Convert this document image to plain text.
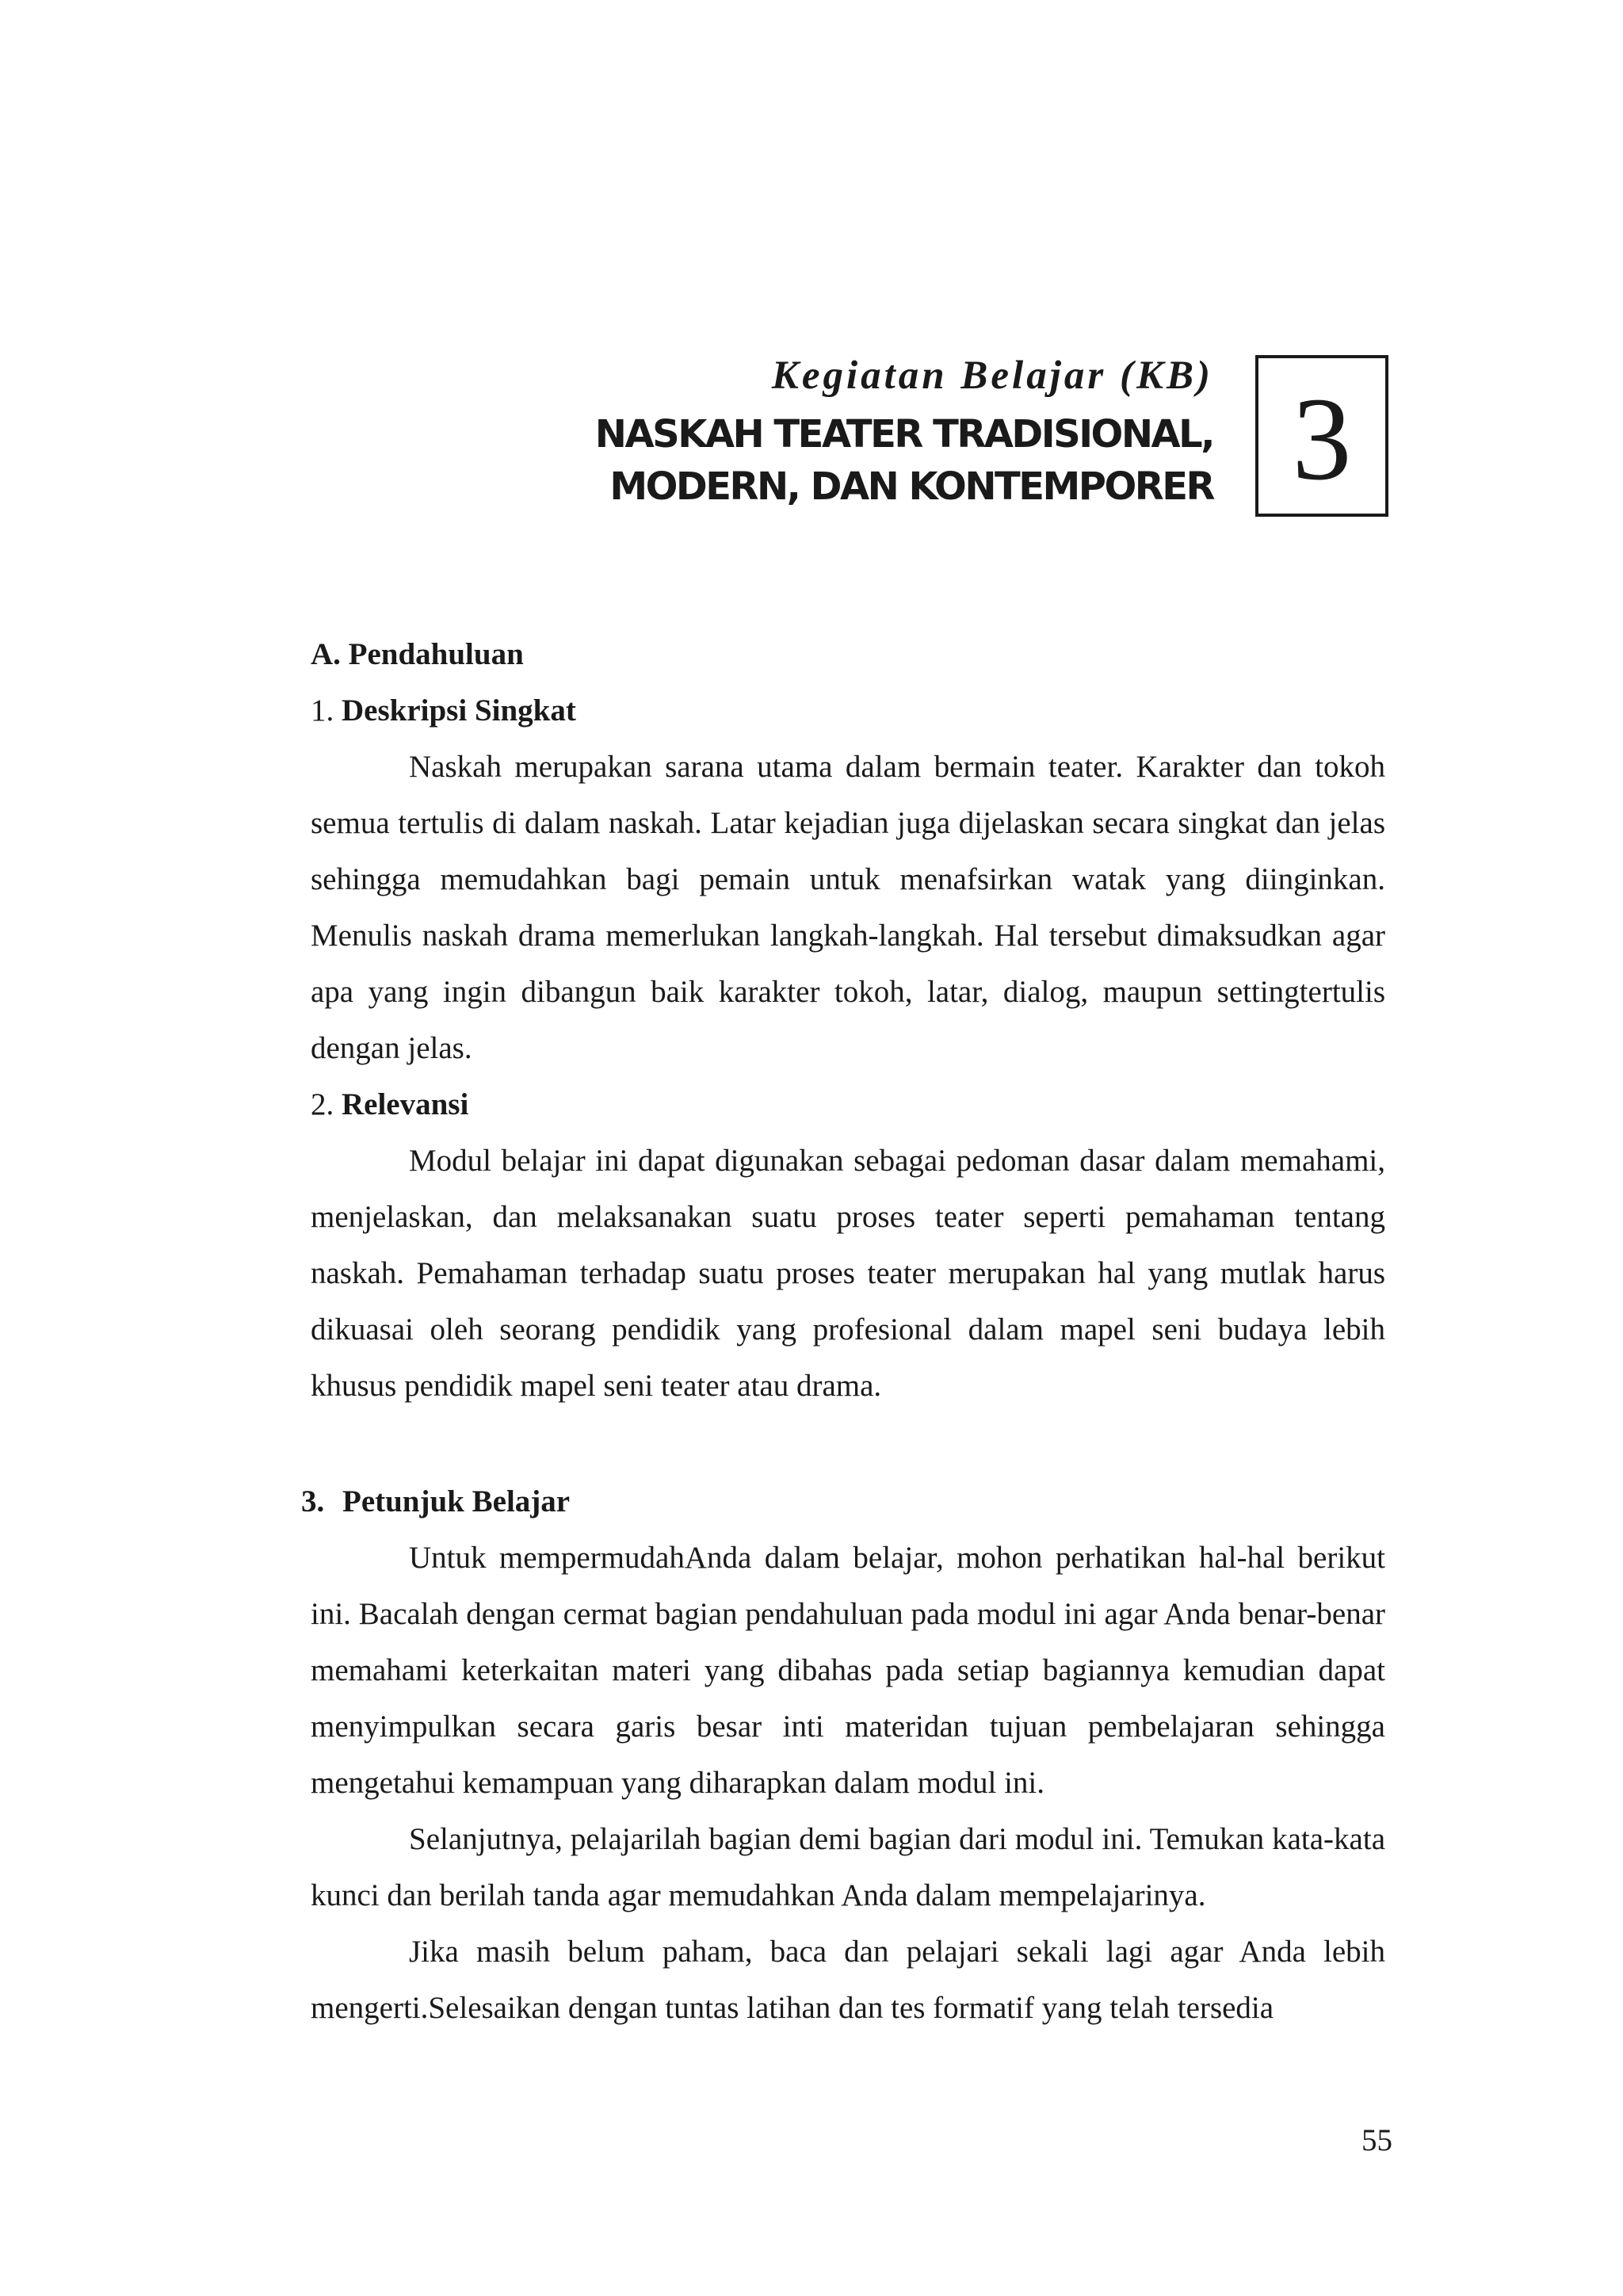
Kegiatan Belajar (KB)
NASKAH TEATER TRADISIONAL,
MODERN, DAN KONTEMPORER 3

A. Pendahuluan

1. Deskripsi Singkat

Naskah merupakan sarana utama dalam bermain teater. Karakter dan tokoh semua tertulis di dalam naskah. Latar kejadian juga dijelaskan secara singkat dan jelas sehingga memudahkan bagi pemain untuk menafsirkan watak yang diinginkan. Menulis naskah drama memerlukan langkah-langkah. Hal tersebut dimaksudkan agar apa yang ingin dibangun baik karakter tokoh, latar, dialog, maupun settingtertulis dengan jelas.

2. Relevansi

Modul belajar ini dapat digunakan sebagai pedoman dasar dalam memahami, menjelaskan, dan melaksanakan suatu proses teater seperti pemahaman tentang naskah. Pemahaman terhadap suatu proses teater merupakan hal yang mutlak harus dikuasai oleh seorang pendidik yang profesional dalam mapel seni budaya lebih khusus pendidik mapel seni teater atau drama.

3. Petunjuk Belajar

Untuk mempermudahAnda dalam belajar, mohon perhatikan hal-hal berikut ini. Bacalah dengan cermat bagian pendahuluan pada modul ini agar Anda benar-benar memahami keterkaitan materi yang dibahas pada setiap bagiannya kemudian dapat menyimpulkan secara garis besar inti materidan tujuan pembelajaran sehingga mengetahui kemampuan yang diharapkan dalam modul ini.

Selanjutnya, pelajarilah bagian demi bagian dari modul ini. Temukan kata-kata kunci dan berilah tanda agar memudahkan Anda dalam mempelajarinya.

Jika masih belum paham, baca dan pelajari sekali lagi agar Anda lebih mengerti.Selesaikan dengan tuntas latihan dan tes formatif yang telah tersedia

55
